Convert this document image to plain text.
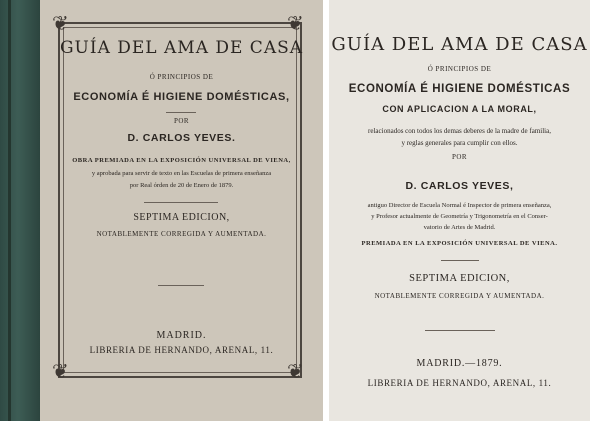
❦	❦
❦	❦
GUÍA DEL AMA DE CASA
Ó PRINCIPIOS DE
ECONOMÍA É HIGIENE DOMÉSTICAS,
POR
D. CARLOS YEVES.
OBRA PREMIADA EN LA EXPOSICIÓN UNIVERSAL DE VIENA,
y aprobada para servir de texto en las Escuelas de primera enseñanza
por Real órden de 20 de Enero de 1879.
SEPTIMA EDICION,
NOTABLEMENTE CORREGIDA Y AUMENTADA.
MADRID.
LIBRERIA DE HERNANDO, ARENAL, 11.
GUÍA DEL AMA DE CASA
Ó PRINCIPIOS DE
ECONOMÍA É HIGIENE DOMÉSTICAS
CON APLICACION A LA MORAL,
relacionados con todos los demas deberes de la madre de familia,
y reglas generales para cumplir con ellos.
POR
D. CARLOS YEVES,
antiguo Director de Escuela Normal é Inspector de primera enseñanza,
y Profesor actualmente de Geometría y Trigonometría en el Conser-
vatorio de Artes de Madrid.
PREMIADA EN LA EXPOSICIÓN UNIVERSAL DE VIENA.
SEPTIMA EDICION,
NOTABLEMENTE CORREGIDA Y AUMENTADA.
MADRID.—1879.
LIBRERIA DE HERNANDO, ARENAL, 11.
